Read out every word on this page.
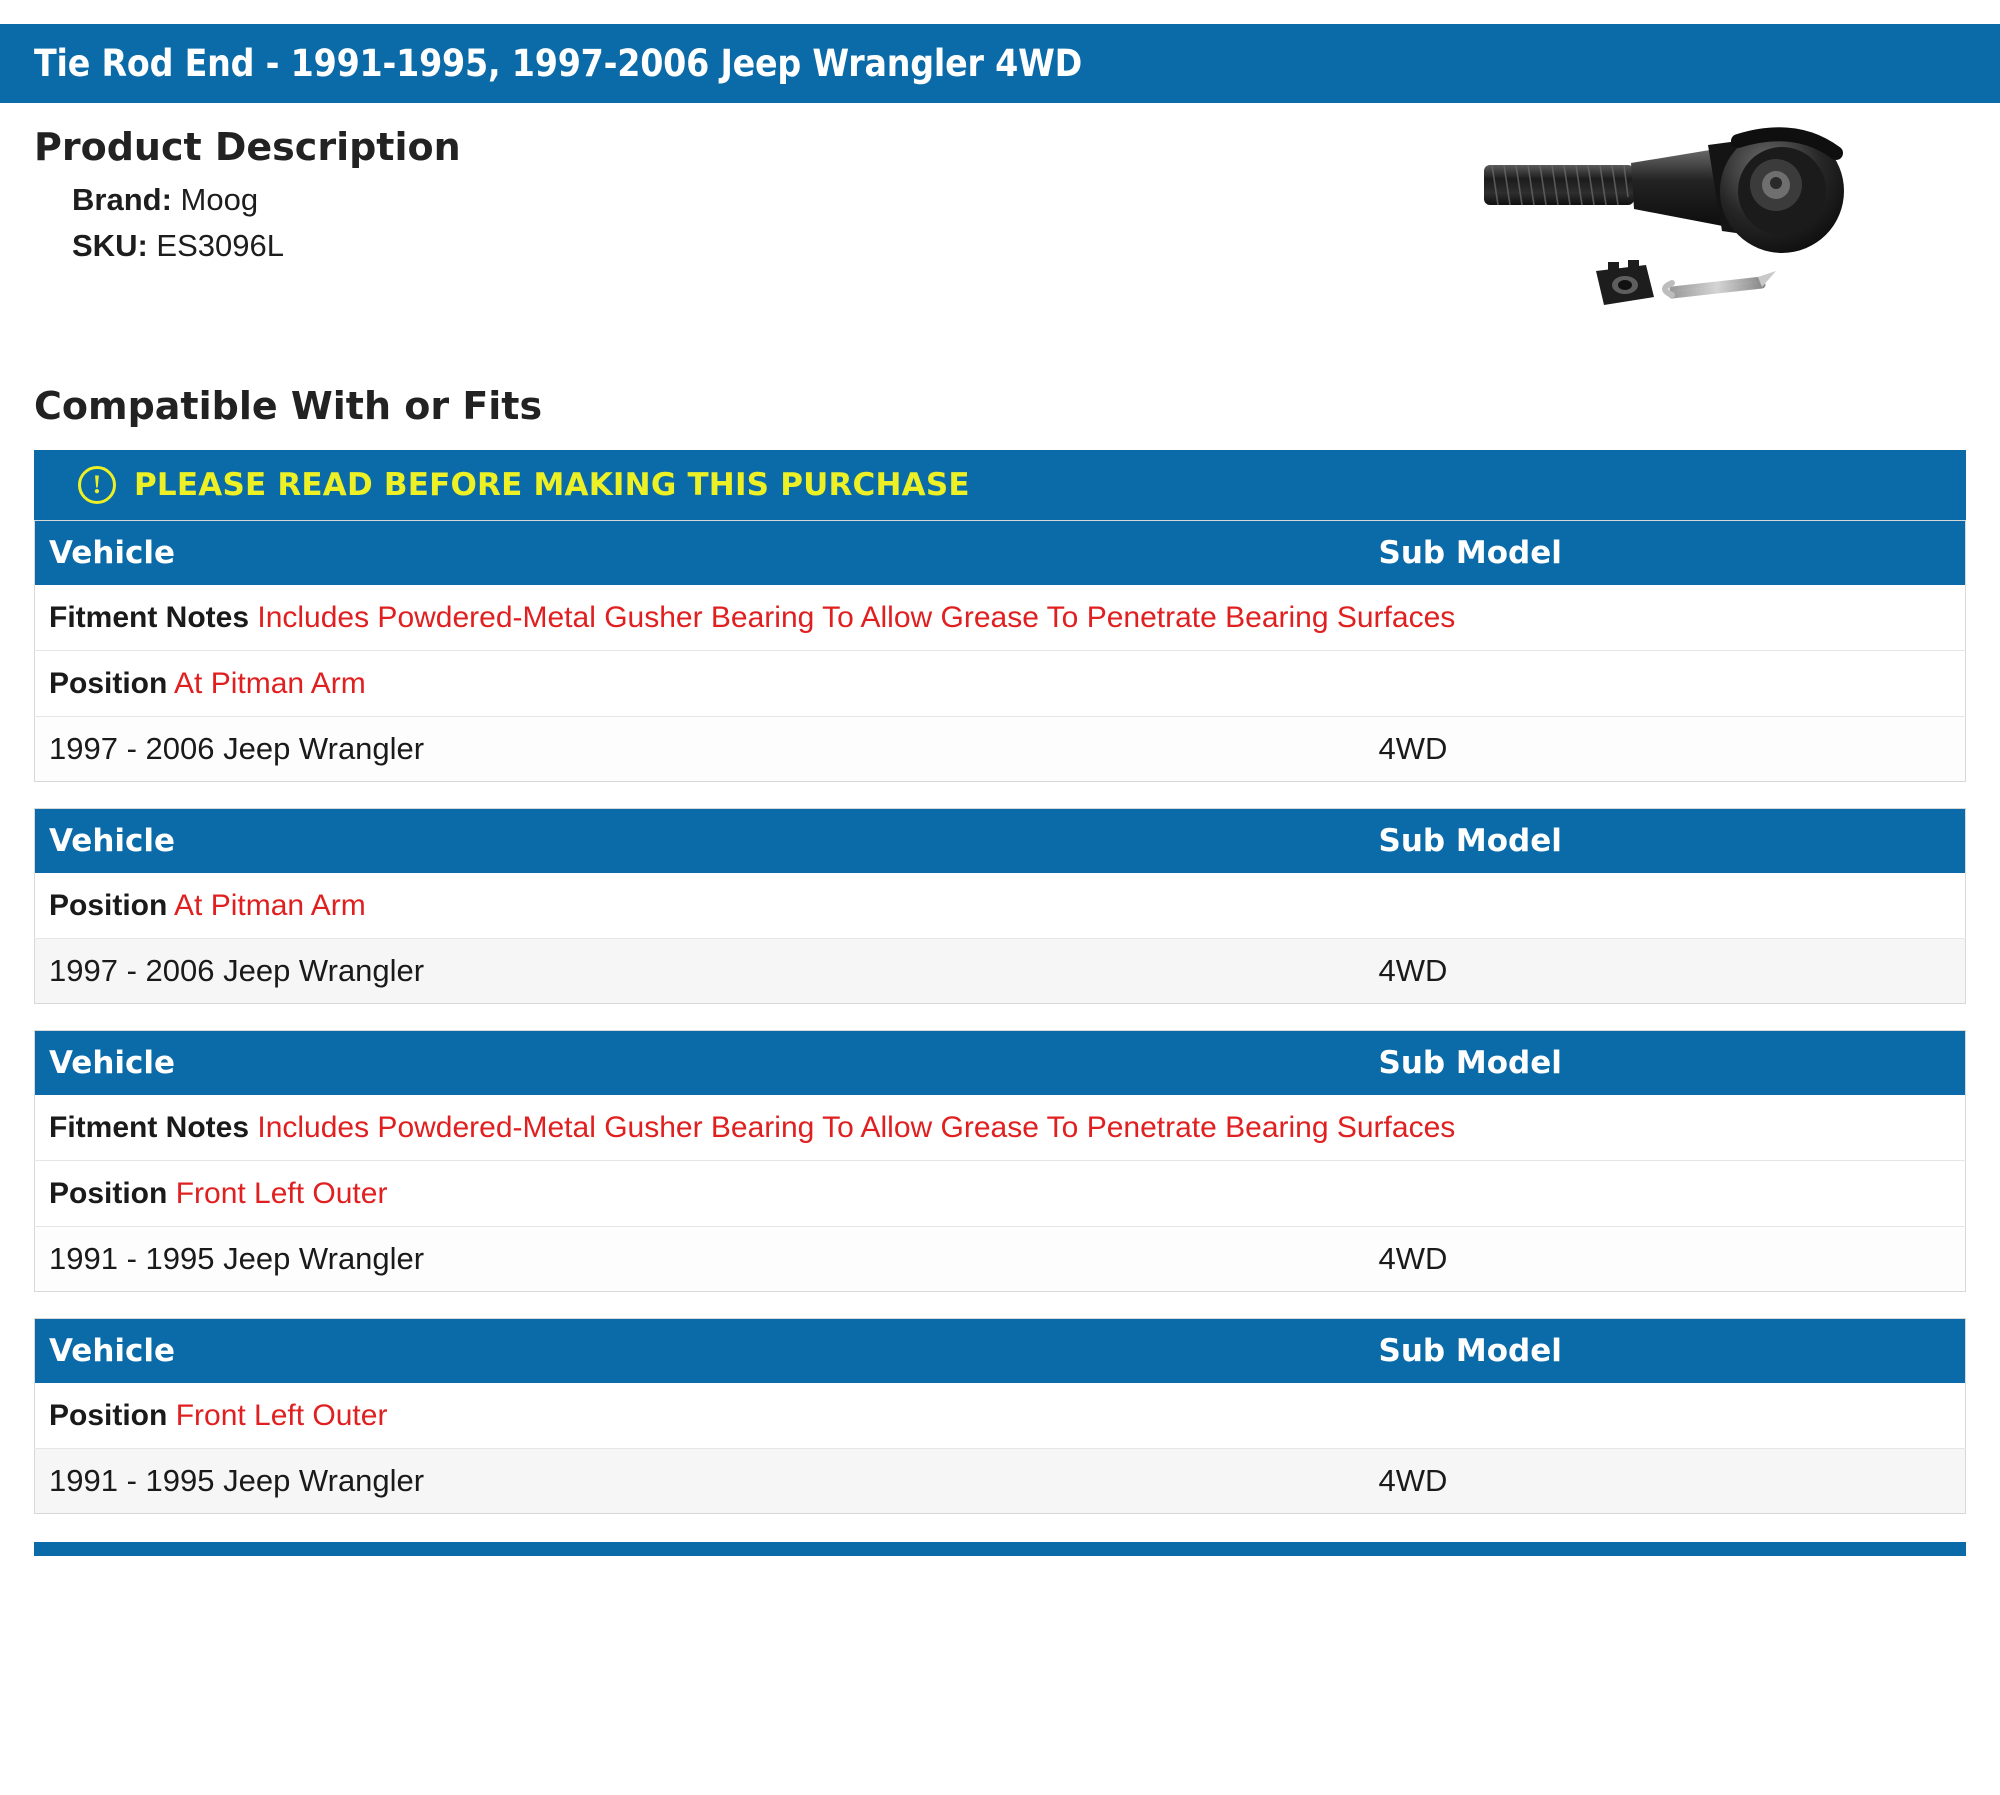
Tie Rod End - 1991-1995, 1997-2006 Jeep Wrangler 4WD
Product Description
Brand: Moog
SKU: ES3096L
Compatible With or Fits
!	PLEASE READ BEFORE MAKING THIS PURCHASE
Vehicle	Sub Model
Fitment Notes Includes Powdered-Metal Gusher Bearing To Allow Grease To Penetrate Bearing Surfaces	
Position At Pitman Arm	
1997 - 2006 Jeep Wrangler	4WD
Vehicle	Sub Model
Position At Pitman Arm	
1997 - 2006 Jeep Wrangler	4WD
Vehicle	Sub Model
Fitment Notes Includes Powdered-Metal Gusher Bearing To Allow Grease To Penetrate Bearing Surfaces	
Position Front Left Outer	
1991 - 1995 Jeep Wrangler	4WD
Vehicle	Sub Model
Position Front Left Outer	
1991 - 1995 Jeep Wrangler	4WD
